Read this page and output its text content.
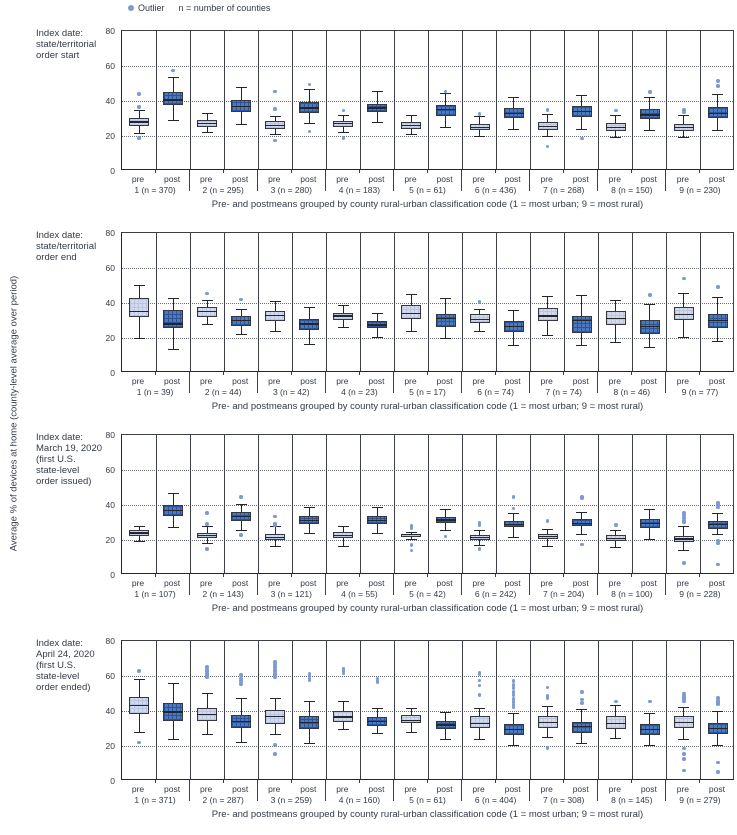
Outlier n = number of counties
Average % of devices at home (county-level average over period)
Index date:
state/territorial
order start
0
20
40
60
80
pre	post	pre	post	pre	post	pre	post	pre	post	pre	post	pre	post	pre	post	pre	post
1 (n = 370)	2 (n = 295)	3 (n = 280)	4 (n = 183)	5 (n = 61)	6 (n = 436)	7 (n = 268)	8 (n = 150)	9 (n = 230)
Pre- and postmeans grouped by county rural-urban classification code (1 = most urban; 9 = most rural)
Index date:
state/territorial
order end
0
20
40
60
80
pre	post	pre	post	pre	post	pre	post	pre	post	pre	post	pre	post	pre	post	pre	post
1 (n = 39)	2 (n = 44)	3 (n = 42)	4 (n = 23)	5 (n = 17)	6 (n = 74)	7 (n = 74)	8 (n = 46)	9 (n = 77)
Pre- and postmeans grouped by county rural-urban classification code (1 = most urban; 9 = most rural)
Index date:
March 19, 2020
(first U.S.
state-level
order issued)
0
20
40
60
80
pre	post	pre	post	pre	post	pre	post	pre	post	pre	post	pre	post	pre	post	pre	post
1 (n = 107)	2 (n = 143)	3 (n = 121)	4 (n = 55)	5 (n = 42)	6 (n = 242)	7 (n = 204)	8 (n = 100)	9 (n = 228)
Pre- and postmeans grouped by county rural-urban classification code (1 = most urban; 9 = most rural)
Index date:
April 24, 2020
(first U.S.
state-level
order ended)
0
20
40
60
80
pre	post	pre	post	pre	post	pre	post	pre	post	pre	post	pre	post	pre	post	pre	post
1 (n = 371)	2 (n = 287)	3 (n = 259)	4 (n = 160)	5 (n = 61)	6 (n = 404)	7 (n = 308)	8 (n = 145)	9 (n = 279)
Pre- and postmeans grouped by county rural-urban classification code (1 = most urban; 9 = most rural)
